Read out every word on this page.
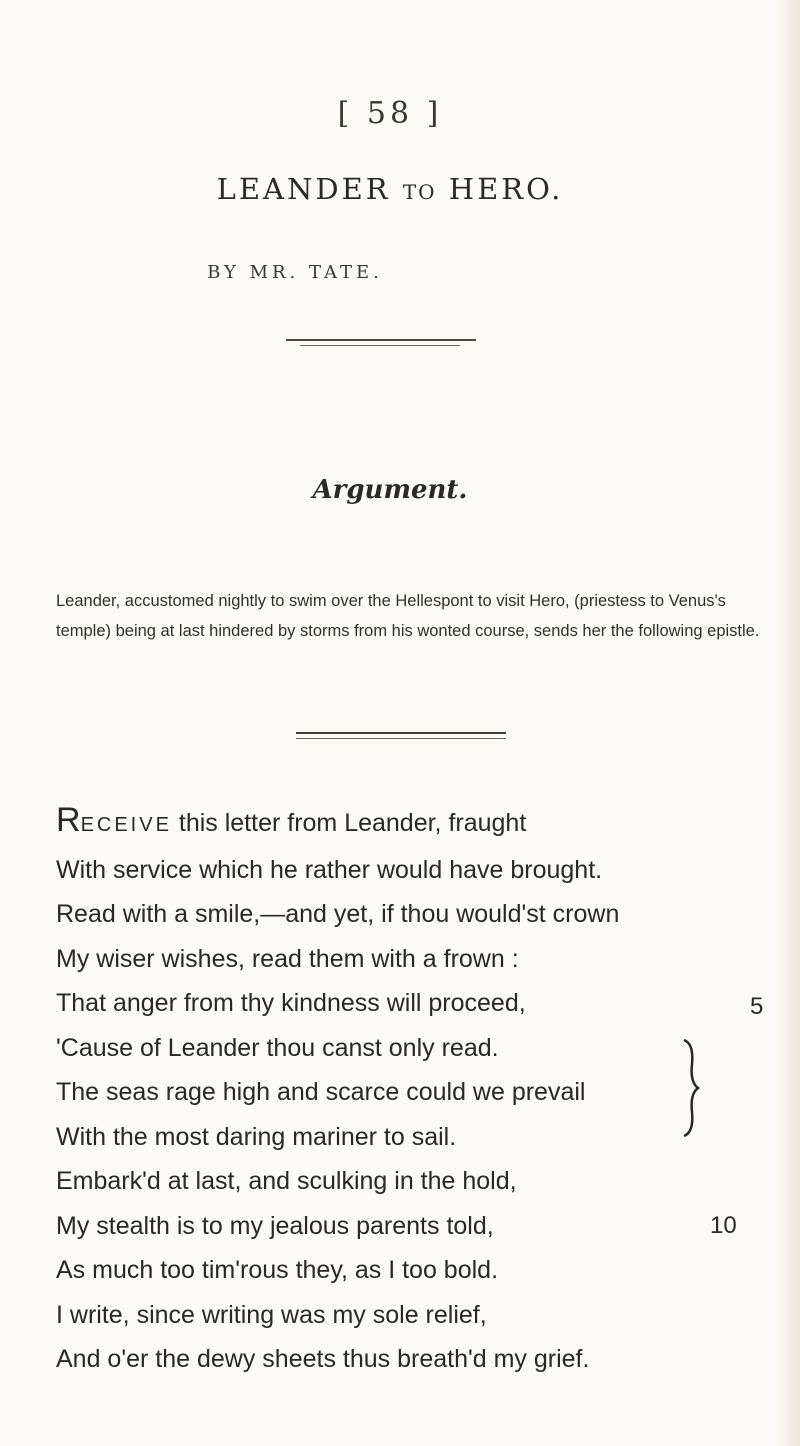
[ 58 ]
LEANDER TO HERO.
BY MR. TATE.
Argument.
Leander, accustomed nightly to swim over the Hellespont to visit Hero, (priestess to Venus's temple) being at last hindered by storms from his wonted course, sends her the following epistle.
RECEIVE this letter from Leander, fraught
With service which he rather would have brought.
Read with a smile,—and yet, if thou would'st crown
My wiser wishes, read them with a frown :
That anger from thy kindness will proceed,	5
'Cause of Leander thou canst only read.
The seas rage high and scarce could we prevail
With the most daring mariner to sail.
Embark'd at last, and sculking in the hold,
My stealth is to my jealous parents told,	10
As much too tim'rous they, as I too bold.
I write, since writing was my sole relief,
And o'er the dewy sheets thus breath'd my grief.
